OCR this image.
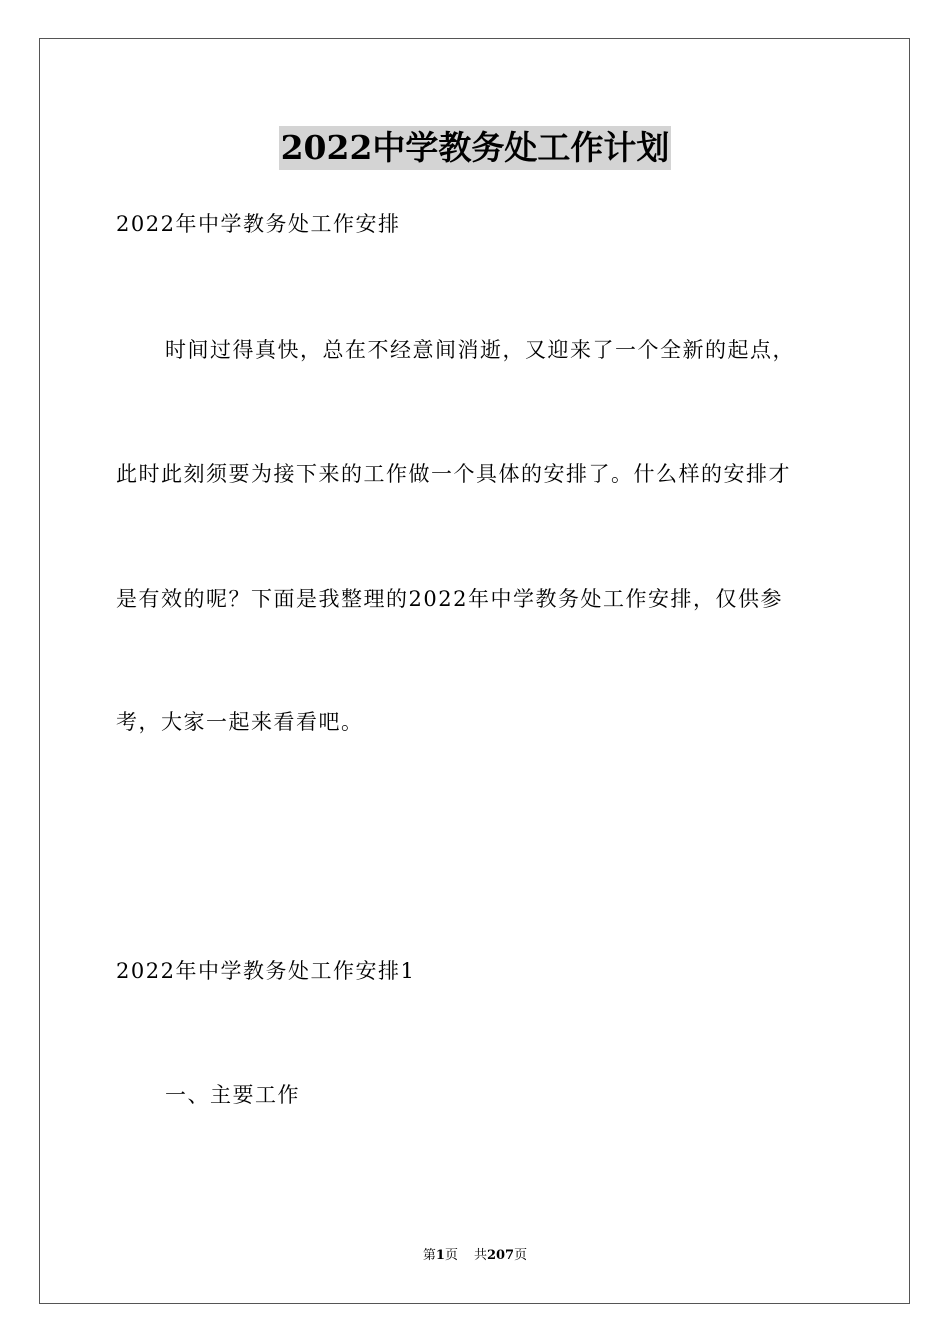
2022中学教务处工作计划
2022年中学教务处工作安排
时间过得真快，总在不经意间消逝，又迎来了一个全新的起点，
此时此刻须要为接下来的工作做一个具体的安排了。什么样的安排才
是有效的呢？下面是我整理的2022年中学教务处工作安排，仅供参
考，大家一起来看看吧。
2022年中学教务处工作安排1
一、主要工作
第1页 共207页
